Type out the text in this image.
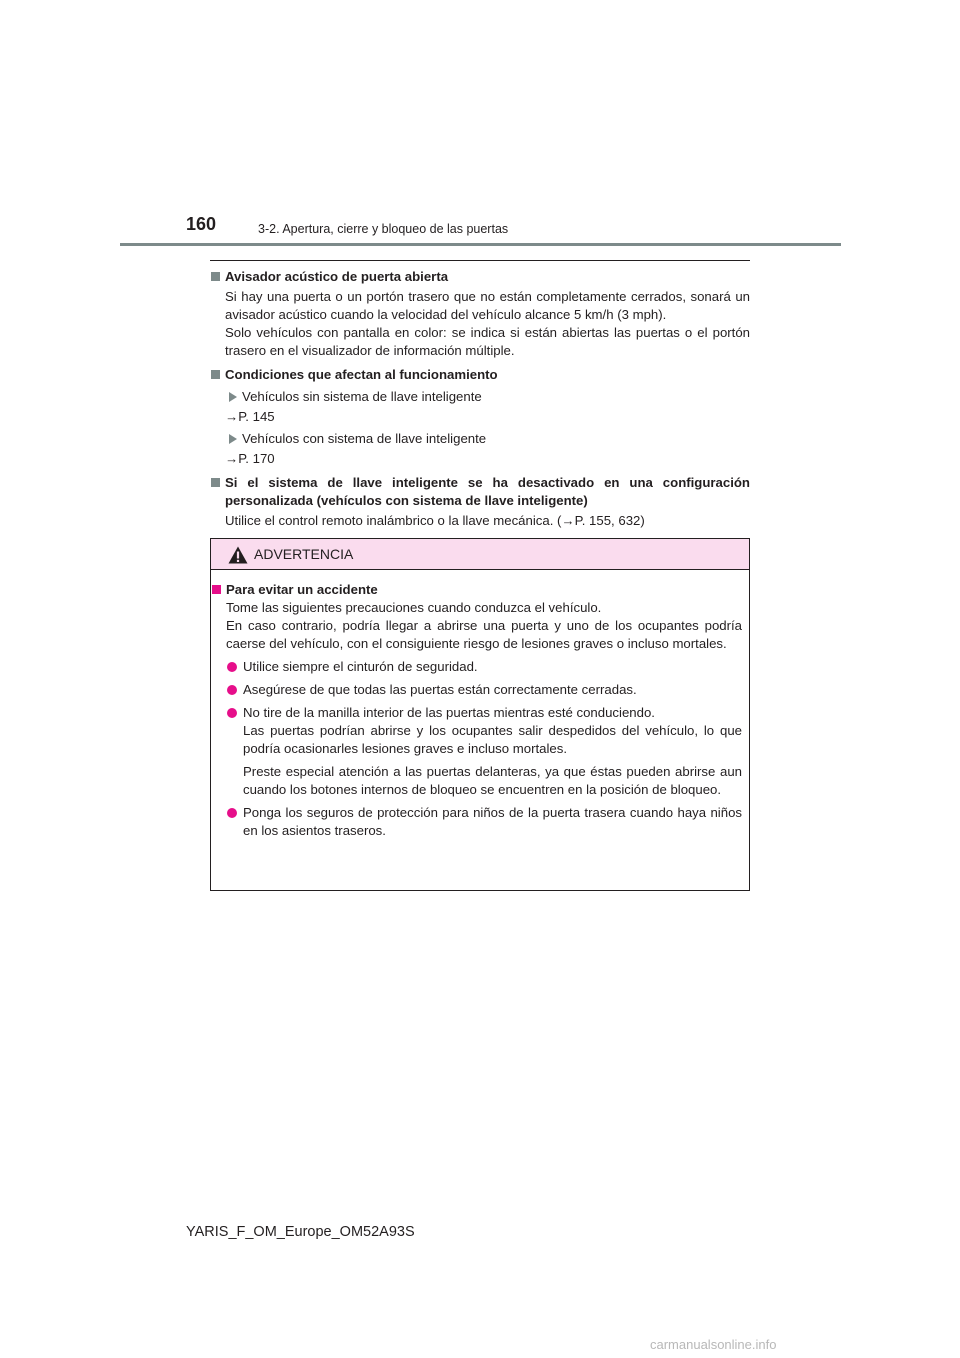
160	3-2. Apertura, cierre y bloqueo de las puertas
Avisador acústico de puerta abierta
Si hay una puerta o un portón trasero que no están completamente cerrados, sonará un avisador acústico cuando la velocidad del vehículo alcance 5 km/h (3 mph).
Solo vehículos con pantalla en color: se indica si están abiertas las puertas o el portón trasero en el visualizador de información múltiple.
Condiciones que afectan al funcionamiento
Vehículos sin sistema de llave inteligente
→P. 145
Vehículos con sistema de llave inteligente
→P. 170
Si el sistema de llave inteligente se ha desactivado en una configuración personalizada (vehículos con sistema de llave inteligente)
Utilice el control remoto inalámbrico o la llave mecánica. (→P. 155, 632)
ADVERTENCIA
Para evitar un accidente
Tome las siguientes precauciones cuando conduzca el vehículo.
En caso contrario, podría llegar a abrirse una puerta y uno de los ocupantes podría caerse del vehículo, con el consiguiente riesgo de lesiones graves o incluso mortales.
Utilice siempre el cinturón de seguridad.
Asegúrese de que todas las puertas están correctamente cerradas.
No tire de la manilla interior de las puertas mientras esté conduciendo.
Las puertas podrían abrirse y los ocupantes salir despedidos del vehículo, lo que podría ocasionarles lesiones graves e incluso mortales.
Preste especial atención a las puertas delanteras, ya que éstas pueden abrirse aun cuando los botones internos de bloqueo se encuentren en la posición de bloqueo.
Ponga los seguros de protección para niños de la puerta trasera cuando haya niños en los asientos traseros.
YARIS_F_OM_Europe_OM52A93S
carmanualsonline.info
